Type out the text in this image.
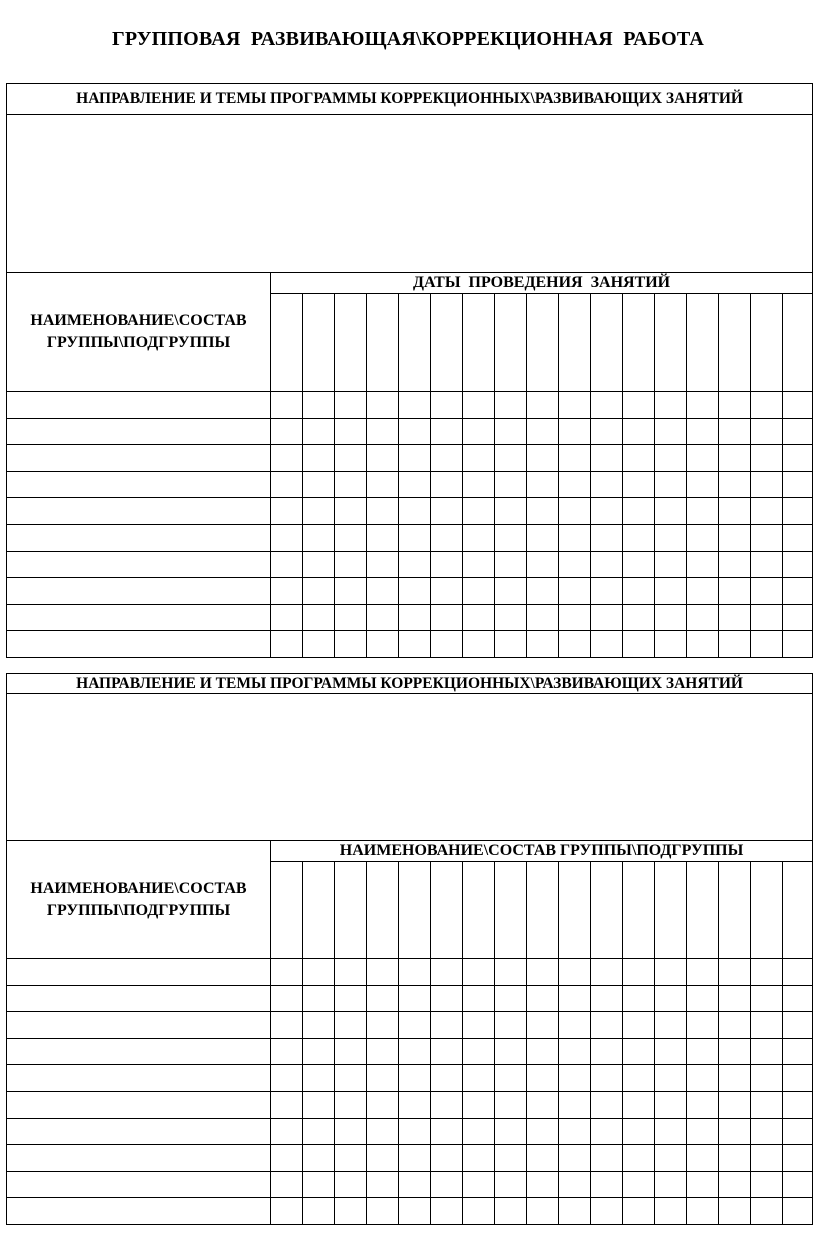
ГРУППОВАЯ  РАЗВИВАЮЩАЯ\КОРРЕКЦИОННАЯ  РАБОТА
НАПРАВЛЕНИЕ И ТЕМЫ ПРОГРАММЫ КОРРЕКЦИОННЫХ\РАЗВИВАЮЩИХ ЗАНЯТИЙ																	

НАИМЕНОВАНИЕ\СОСТАВ
ГРУППЫ\ПОДГРУППЫ	ДАТЫ  ПРОВЕДЕНИЯ  ЗАНЯТИЙ																

НАПРАВЛЕНИЕ И ТЕМЫ ПРОГРАММЫ КОРРЕКЦИОННЫХ\РАЗВИВАЮЩИХ ЗАНЯТИЙ																	

НАИМЕНОВАНИЕ\СОСТАВ
ГРУППЫ\ПОДГРУППЫ	НАИМЕНОВАНИЕ\СОСТАВ ГРУППЫ\ПОДГРУППЫ																
